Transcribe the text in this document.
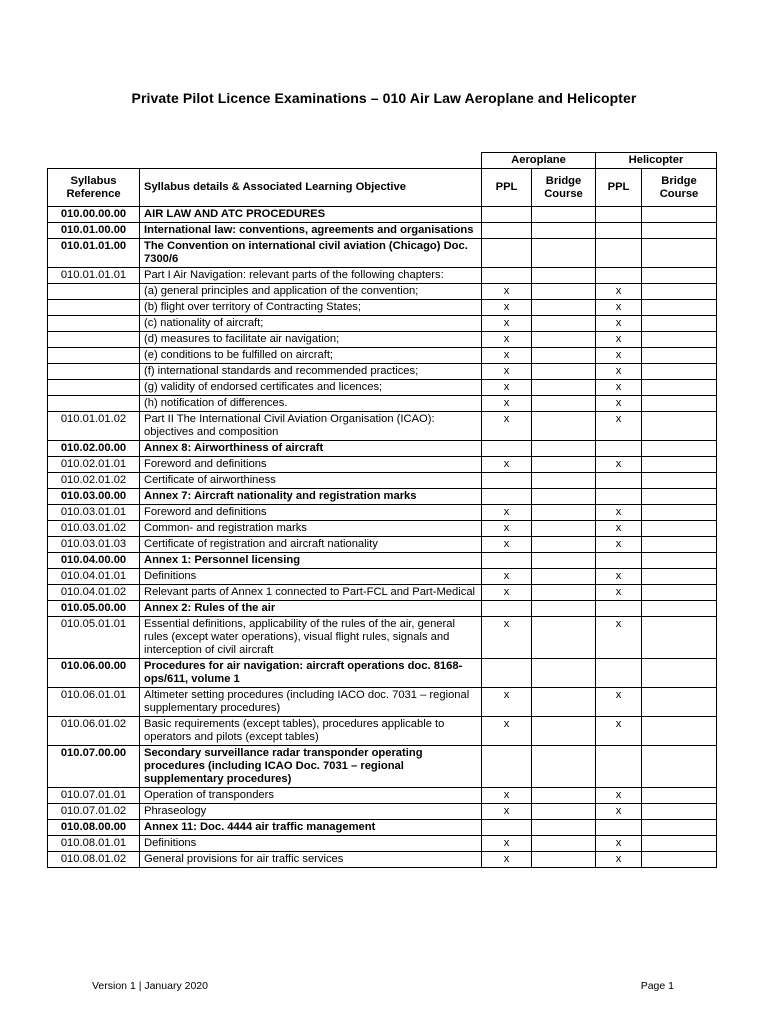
Private Pilot Licence Examinations – 010 Air Law Aeroplane and Helicopter
		Aeroplane		Helicopter	
Syllabus Reference	Syllabus details & Associated Learning Objective	PPL	Bridge Course	PPL	Bridge Course
010.00.00.00	AIR LAW AND ATC PROCEDURES				
010.01.00.00	International law: conventions, agreements and organisations				
010.01.01.00	The Convention on international civil aviation (Chicago) Doc. 7300/6				
010.01.01.01	Part I Air Navigation: relevant parts of the following chapters:				
	(a) general principles and application of the convention;	x		x	
	(b) flight over territory of Contracting States;	x		x	
	(c) nationality of aircraft;	x		x	
	(d) measures to facilitate air navigation;	x		x	
	(e) conditions to be fulfilled on aircraft;	x		x	
	(f) international standards and recommended practices;	x		x	
	(g) validity of endorsed certificates and licences;	x		x	
	(h) notification of differences.	x		x	
010.01.01.02	Part II The International Civil Aviation Organisation (ICAO): objectives and composition	x		x	
010.02.00.00	Annex 8: Airworthiness of aircraft				
010.02.01.01	Foreword and definitions	x		x	
010.02.01.02	Certificate of airworthiness				
010.03.00.00	Annex 7: Aircraft nationality and registration marks				
010.03.01.01	Foreword and definitions	x		x	
010.03.01.02	Common- and registration marks	x		x	
010.03.01.03	Certificate of registration and aircraft nationality	x		x	
010.04.00.00	Annex 1: Personnel licensing				
010.04.01.01	Definitions	x		x	
010.04.01.02	Relevant parts of Annex 1 connected to Part-FCL and Part-Medical	x		x	
010.05.00.00	Annex 2: Rules of the air				
010.05.01.01	Essential definitions, applicability of the rules of the air, general rules (except water operations), visual flight rules, signals and interception of civil aircraft	x		x	
010.06.00.00	Procedures for air navigation: aircraft operations doc. 8168-ops/611, volume 1				
010.06.01.01	Altimeter setting procedures (including IACO doc. 7031 – regional supplementary procedures)	x		x	
010.06.01.02	Basic requirements (except tables), procedures applicable to operators and pilots (except tables)	x		x	
010.07.00.00	Secondary surveillance radar transponder operating procedures (including ICAO Doc. 7031 – regional supplementary procedures)				
010.07.01.01	Operation of transponders	x		x	
010.07.01.02	Phraseology	x		x	
010.08.00.00	Annex 11: Doc. 4444 air traffic management				
010.08.01.01	Definitions	x		x	
010.08.01.02	General provisions for air traffic services	x		x	
Version 1 | January 2020	Page 1
